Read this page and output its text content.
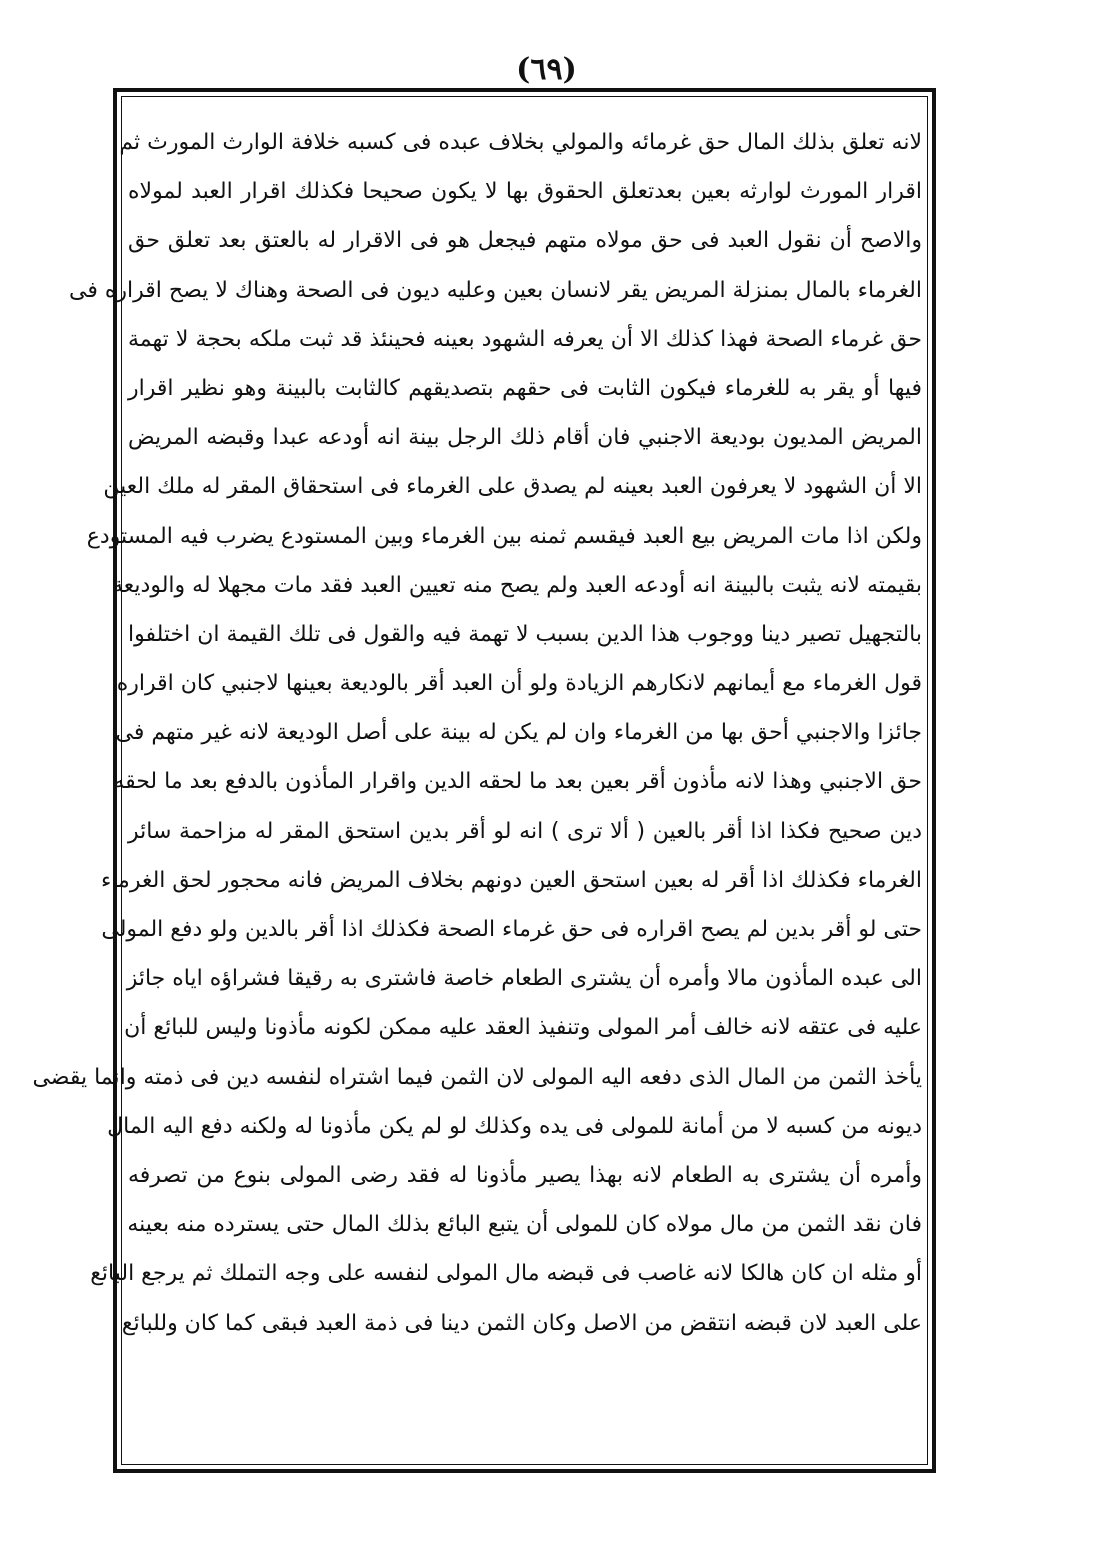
(٦٩)
لانه تعلق بذلك المال حق غرمائه والمولي بخلاف عبده فى كسبه خلافة الوارث المورث ثم
اقرار المورث لوارثه بعين بعدتعلق الحقوق بها لا يكون صحيحا فكذلك اقرار العبد لمولاه
والاصح أن نقول العبد فى حق مولاه متهم فيجعل هو فى الاقرار له بالعتق بعد تعلق حق
الغرماء بالمال بمنزلة المريض يقر لانسان بعين وعليه ديون فى الصحة وهناك لا يصح اقراره فى
حق غرماء الصحة فهذا كذلك الا أن يعرفه الشهود بعينه فحينئذ قد ثبت ملكه بحجة لا تهمة
فيها أو يقر به للغرماء فيكون الثابت فى حقهم بتصديقهم كالثابت بالبينة وهو نظير اقرار
المريض المديون بوديعة الاجنبي فان أقام ذلك الرجل بينة انه أودعه عبدا وقبضه المريض
الا أن الشهود لا يعرفون العبد بعينه لم يصدق على الغرماء فى استحقاق المقر له ملك العين
ولكن اذا مات المريض بيع العبد فيقسم ثمنه بين الغرماء وبين المستودع يضرب فيه المستودع
بقيمته لانه يثبت بالبينة انه أودعه العبد ولم يصح منه تعيين العبد فقد مات مجهلا له والوديعة
بالتجهيل تصير دينا ووجوب هذا الدين بسبب لا تهمة فيه والقول فى تلك القيمة ان اختلفوا
قول الغرماء مع أيمانهم لانكارهم الزيادة ولو أن العبد أقر بالوديعة بعينها لاجنبي كان اقراره
جائزا والاجنبي أحق بها من الغرماء وان لم يكن له بينة على أصل الوديعة لانه غير متهم فى
حق الاجنبي وهذا لانه مأذون أقر بعين بعد ما لحقه الدين واقرار المأذون بالدفع بعد ما لحقه
دين صحيح فكذا اذا أقر بالعين ( ألا ترى ) انه لو أقر بدين استحق المقر له مزاحمة سائر
الغرماء فكذلك اذا أقر له بعين استحق العين دونهم بخلاف المريض فانه محجور لحق الغرماء
حتى لو أقر بدين لم يصح اقراره فى حق غرماء الصحة فكذلك اذا أقر بالدين ولو دفع المولى
الى عبده المأذون مالا وأمره أن يشترى الطعام خاصة فاشترى به رقيقا فشراؤه اياه جائز
عليه فى عتقه لانه خالف أمر المولى وتنفيذ العقد عليه ممكن لكونه مأذونا وليس للبائع أن
يأخذ الثمن من المال الذى دفعه اليه المولى لان الثمن فيما اشتراه لنفسه دين فى ذمته وانما يقضى
ديونه من كسبه لا من أمانة للمولى فى يده وكذلك لو لم يكن مأذونا له ولكنه دفع اليه المال
وأمره أن يشترى به الطعام لانه بهذا يصير مأذونا له فقد رضى المولى بنوع من تصرفه
فان نقد الثمن من مال مولاه كان للمولى أن يتبع البائع بذلك المال حتى يسترده منه بعينه
أو مثله ان كان هالكا لانه غاصب فى قبضه مال المولى لنفسه على وجه التملك ثم يرجع البائع
على العبد لان قبضه انتقض من الاصل وكان الثمن دينا فى ذمة العبد فبقى كما كان وللبائع
